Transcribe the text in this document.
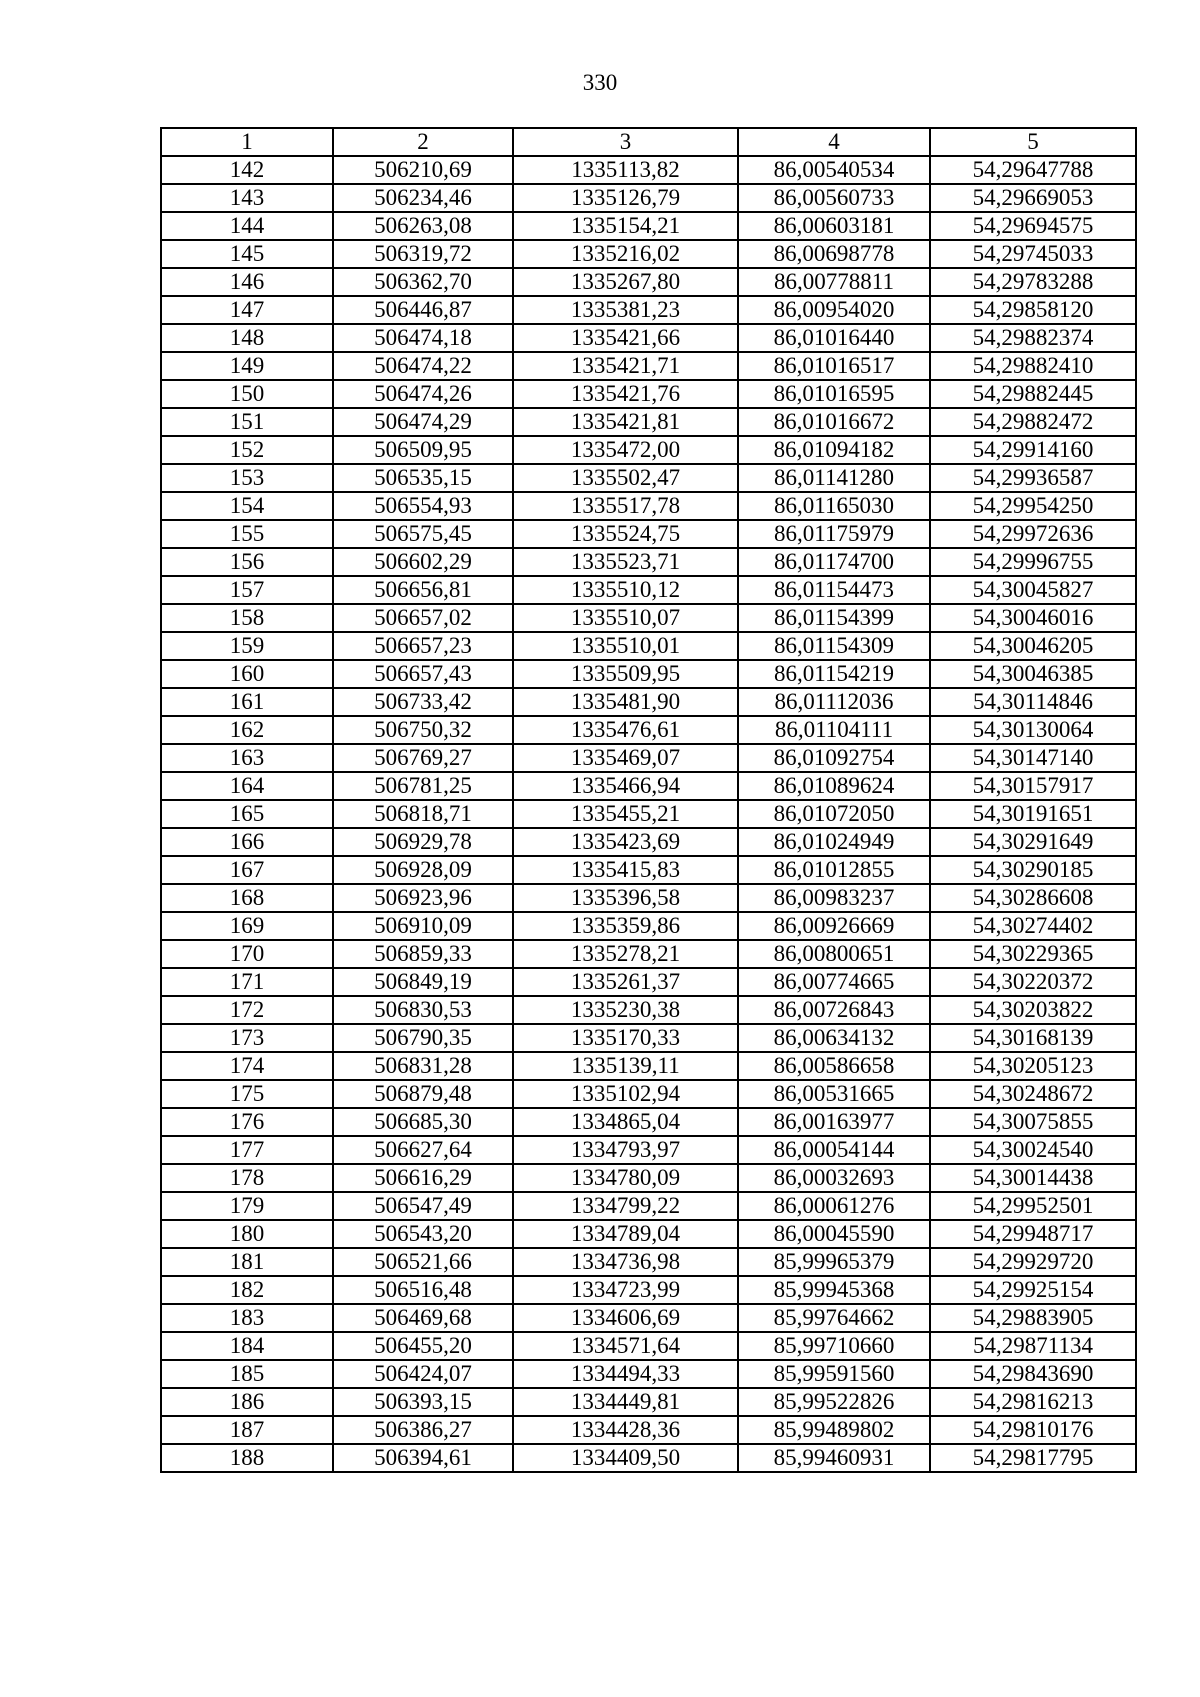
330
1	2	3	4	5
142	506210,69	1335113,82	86,00540534	54,29647788
143	506234,46	1335126,79	86,00560733	54,29669053
144	506263,08	1335154,21	86,00603181	54,29694575
145	506319,72	1335216,02	86,00698778	54,29745033
146	506362,70	1335267,80	86,00778811	54,29783288
147	506446,87	1335381,23	86,00954020	54,29858120
148	506474,18	1335421,66	86,01016440	54,29882374
149	506474,22	1335421,71	86,01016517	54,29882410
150	506474,26	1335421,76	86,01016595	54,29882445
151	506474,29	1335421,81	86,01016672	54,29882472
152	506509,95	1335472,00	86,01094182	54,29914160
153	506535,15	1335502,47	86,01141280	54,29936587
154	506554,93	1335517,78	86,01165030	54,29954250
155	506575,45	1335524,75	86,01175979	54,29972636
156	506602,29	1335523,71	86,01174700	54,29996755
157	506656,81	1335510,12	86,01154473	54,30045827
158	506657,02	1335510,07	86,01154399	54,30046016
159	506657,23	1335510,01	86,01154309	54,30046205
160	506657,43	1335509,95	86,01154219	54,30046385
161	506733,42	1335481,90	86,01112036	54,30114846
162	506750,32	1335476,61	86,01104111	54,30130064
163	506769,27	1335469,07	86,01092754	54,30147140
164	506781,25	1335466,94	86,01089624	54,30157917
165	506818,71	1335455,21	86,01072050	54,30191651
166	506929,78	1335423,69	86,01024949	54,30291649
167	506928,09	1335415,83	86,01012855	54,30290185
168	506923,96	1335396,58	86,00983237	54,30286608
169	506910,09	1335359,86	86,00926669	54,30274402
170	506859,33	1335278,21	86,00800651	54,30229365
171	506849,19	1335261,37	86,00774665	54,30220372
172	506830,53	1335230,38	86,00726843	54,30203822
173	506790,35	1335170,33	86,00634132	54,30168139
174	506831,28	1335139,11	86,00586658	54,30205123
175	506879,48	1335102,94	86,00531665	54,30248672
176	506685,30	1334865,04	86,00163977	54,30075855
177	506627,64	1334793,97	86,00054144	54,30024540
178	506616,29	1334780,09	86,00032693	54,30014438
179	506547,49	1334799,22	86,00061276	54,29952501
180	506543,20	1334789,04	86,00045590	54,29948717
181	506521,66	1334736,98	85,99965379	54,29929720
182	506516,48	1334723,99	85,99945368	54,29925154
183	506469,68	1334606,69	85,99764662	54,29883905
184	506455,20	1334571,64	85,99710660	54,29871134
185	506424,07	1334494,33	85,99591560	54,29843690
186	506393,15	1334449,81	85,99522826	54,29816213
187	506386,27	1334428,36	85,99489802	54,29810176
188	506394,61	1334409,50	85,99460931	54,29817795
